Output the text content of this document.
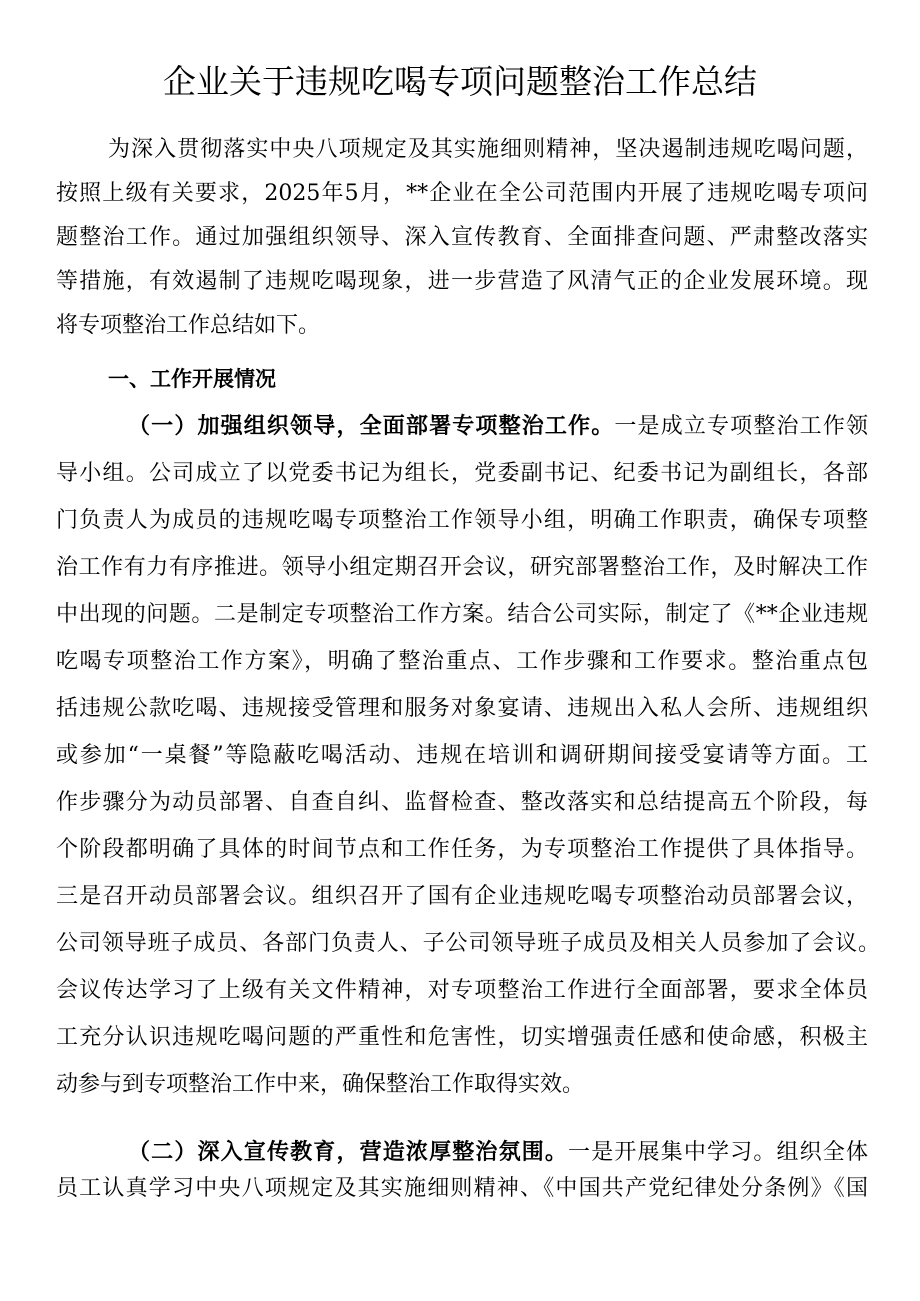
企业关于违规吃喝专项问题整治工作总结
为深入贯彻落实中央八项规定及其实施细则精神，坚决遏制违规吃喝问题，
按照上级有关要求，2025年5月，**企业在全公司范围内开展了违规吃喝专项问
题整治工作。通过加强组织领导、深入宣传教育、全面排查问题、严肃整改落实
等措施，有效遏制了违规吃喝现象，进一步营造了风清气正的企业发展环境。现
将专项整治工作总结如下。
一、工作开展情况
（一）加强组织领导，全面部署专项整治工作。一是成立专项整治工作领
导小组。公司成立了以党委书记为组长，党委副书记、纪委书记为副组长，各部
门负责人为成员的违规吃喝专项整治工作领导小组，明确工作职责，确保专项整
治工作有力有序推进。领导小组定期召开会议，研究部署整治工作，及时解决工作
中出现的问题。二是制定专项整治工作方案。结合公司实际，制定了《**企业违规
吃喝专项整治工作方案》，明确了整治重点、工作步骤和工作要求。整治重点包
括违规公款吃喝、违规接受管理和服务对象宴请、违规出入私人会所、违规组织
或参加“一桌餐”等隐蔽吃喝活动、违规在培训和调研期间接受宴请等方面。工
作步骤分为动员部署、自查自纠、监督检查、整改落实和总结提高五个阶段，每
个阶段都明确了具体的时间节点和工作任务，为专项整治工作提供了具体指导。
三是召开动员部署会议。组织召开了国有企业违规吃喝专项整治动员部署会议，
公司领导班子成员、各部门负责人、子公司领导班子成员及相关人员参加了会议。
会议传达学习了上级有关文件精神，对专项整治工作进行全面部署，要求全体员
工充分认识违规吃喝问题的严重性和危害性，切实增强责任感和使命感，积极主
动参与到专项整治工作中来，确保整治工作取得实效。
（二）深入宣传教育，营造浓厚整治氛围。一是开展集中学习。组织全体
员工认真学习中央八项规定及其实施细则精神、《中国共产党纪律处分条例》《国
